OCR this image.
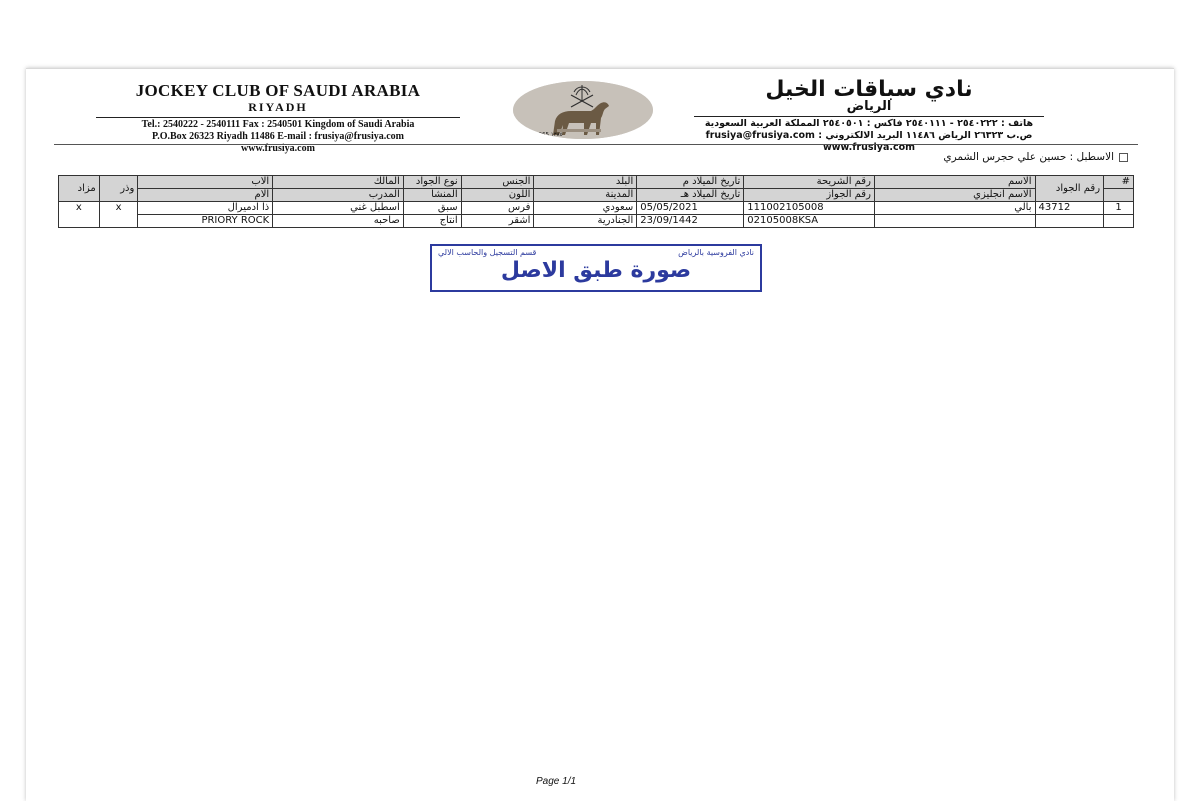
JOCKEY CLUB OF SAUDI ARABIA
RIYADH
Tel.: 2540222 - 2540111 Fax : 2540501 Kingdom of Saudi Arabia
P.O.Box 26323 Riyadh 11486 E-mail : frusiya@frusiya.com
www.frusiya.com
1965 ١٣٨٥
نادي سباقات الخيل
الرياض
هاتف : ٢٥٤٠٢٢٢ - ٢٥٤٠١١١ فاكس : ٢٥٤٠٥٠١ المملكة العربية السعودية
ص.ب ٢٦٣٢٣ الرياض ١١٤٨٦ البريد الالكتروني : frusiya@frusiya.com
www.frusiya.com
الاسطبل : حسين علي حجرس الشمري
#	رقم الجواد	الاسم	رقم الشريحة	تاريخ الميلاد م	البلد	الجنس	نوع الجواد	المالك	الاب	وذر	مزاد
		الاسم انجليزي	رقم الجواز	تاريخ الميلاد هـ	المدينة	اللون	المنشأ	المدرب	الام		
1	43712	بالي	111002105008	05/05/2021	سعودي	فرس	سبق	اسطبل غني	ذا ادميرال	x	x
			02105008KSA	23/09/1442	الجنادرية	اشقر	انتاج	صاحبه	PRIORY ROCK		
نادي الفروسية بالرياض
قسم التسجيل والحاسب الالي
صورة طبق الاصل
Page 1/1
